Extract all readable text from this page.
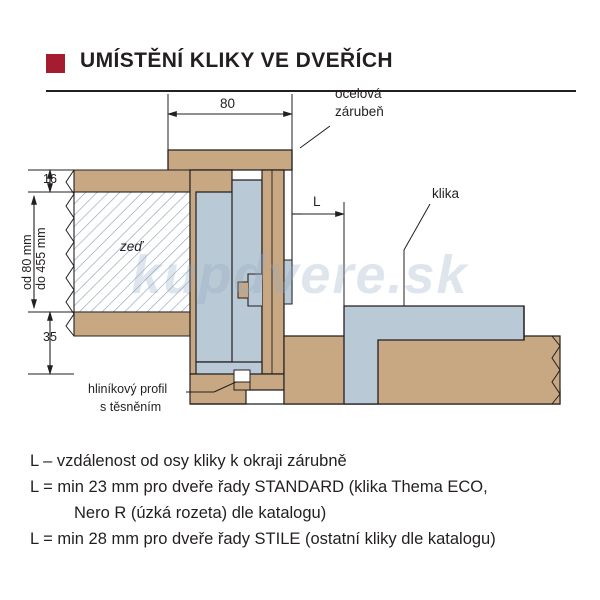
UMÍSTĚNÍ KLIKY VE DVEŘÍCH
kupdvere.sk
80
16
35
L
zeď
od 80 mm do 455 mm
ocelová
zárubeň
klika
hliníkový profil
s těsněním
L – vzdálenost od osy kliky k okraji zárubně
L = min 23 mm pro dveře řady STANDARD (klika Thema ECO,
Nero R (úzká rozeta) dle katalogu)
L = min 28 mm pro dveře řady STILE (ostatní kliky dle katalogu)
